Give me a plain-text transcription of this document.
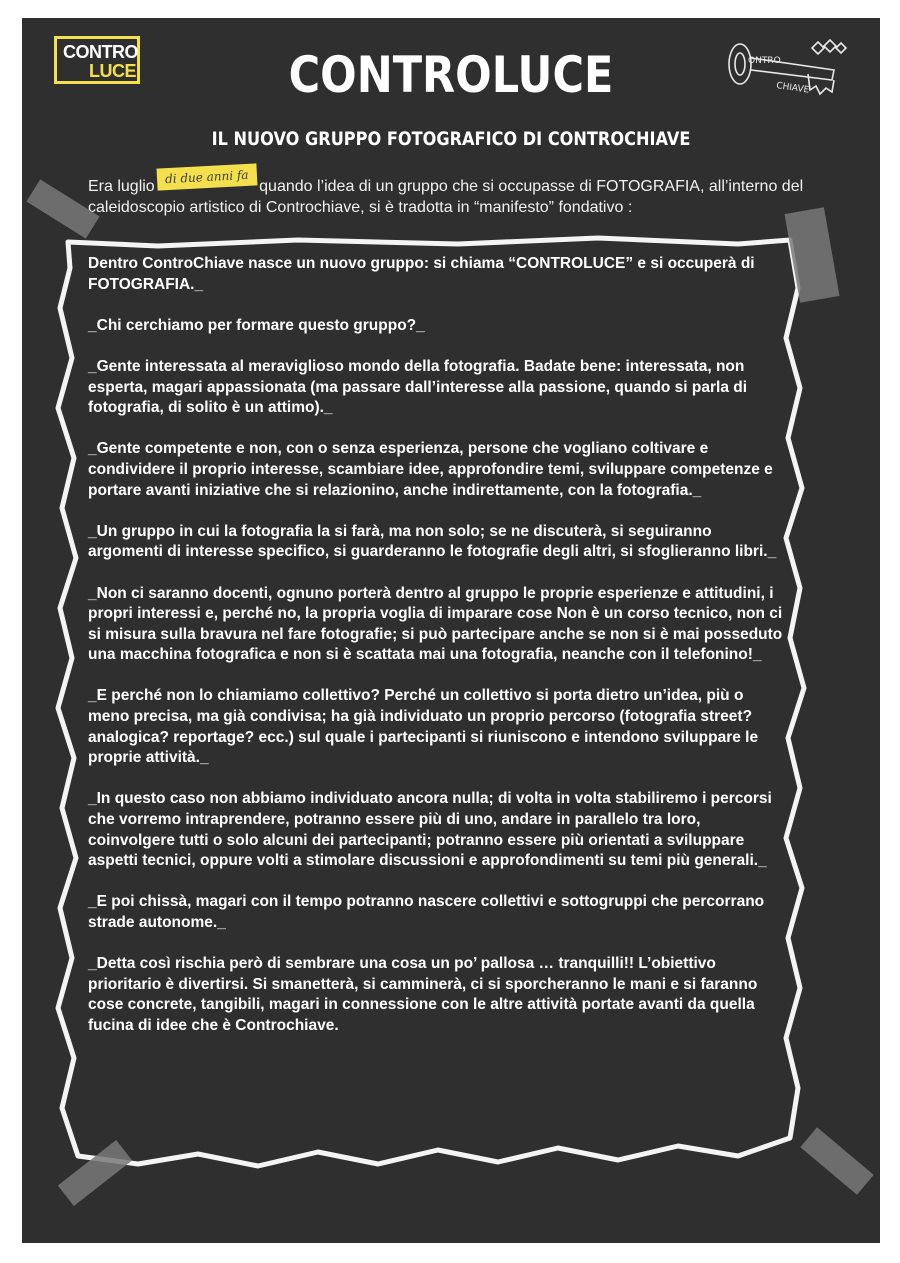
CONTRO
LUCE	ONTRO
CHIAVE
CONTROLUCE
IL NUOVO GRUPPO FOTOGRAFICO DI CONTROCHIAVE
Era luglio di due anni fa quando l’idea di un gruppo che si occupasse di FOTOGRAFIA, all’interno del caleidoscopio artistico di Controchiave, si è tradotta in “manifesto” fondativo :

Dentro ControChiave nasce un nuovo gruppo: si chiama “CONTROLUCE” e si occuperà di FOTOGRAFIA._

_Chi cerchiamo per formare questo gruppo?_

_Gente interessata al meraviglioso mondo della fotografia. Badate bene: interessata, non esperta, magari appassionata (ma passare dall’interesse alla passione, quando si parla di fotografia, di solito è un attimo)._

_Gente competente e non, con o senza esperienza, persone che vogliano coltivare e condividere il proprio interesse, scambiare idee, approfondire temi, sviluppare competenze e portare avanti iniziative che si relazionino, anche indirettamente, con la fotografia._

_Un gruppo in cui la fotografia la si farà, ma non solo; se ne discuterà, si seguiranno argomenti di interesse specifico, si guarderanno le fotografie degli altri, si sfoglieranno libri._

_Non ci saranno docenti, ognuno porterà dentro al gruppo le proprie esperienze e attitudini, i propri interessi e, perché no, la propria voglia di imparare cose Non è un corso tecnico, non ci si misura sulla bravura nel fare fotografie; si può partecipare anche se non si è mai posseduto una macchina fotografica e non si è scattata mai una fotografia, neanche con il telefonino!_

_E perché non lo chiamiamo collettivo? Perché un collettivo si porta dietro un’idea, più o meno precisa, ma già condivisa; ha già individuato un proprio percorso (fotografia street? analogica? reportage? ecc.) sul quale i partecipanti si riuniscono e intendono sviluppare le proprie attività._

_In questo caso non abbiamo individuato ancora nulla; di volta in volta stabiliremo i percorsi che vorremo intraprendere, potranno essere più di uno, andare in parallelo tra loro, coinvolgere tutti o solo alcuni dei partecipanti; potranno essere più orientati a sviluppare aspetti tecnici, oppure volti a stimolare discussioni e approfondimenti su temi più generali._

_E poi chissà, magari con il tempo potranno nascere collettivi e sottogruppi che percorrano strade autonome._

_Detta così rischia però di sembrare una cosa un po’ pallosa … tranquilli!! L’obiettivo prioritario è divertirsi. Si smanetterà, si camminerà, ci si sporcheranno le mani e si faranno cose concrete, tangibili, magari in connessione con le altre attività portate avanti da quella fucina di idee che è Controchiave.
